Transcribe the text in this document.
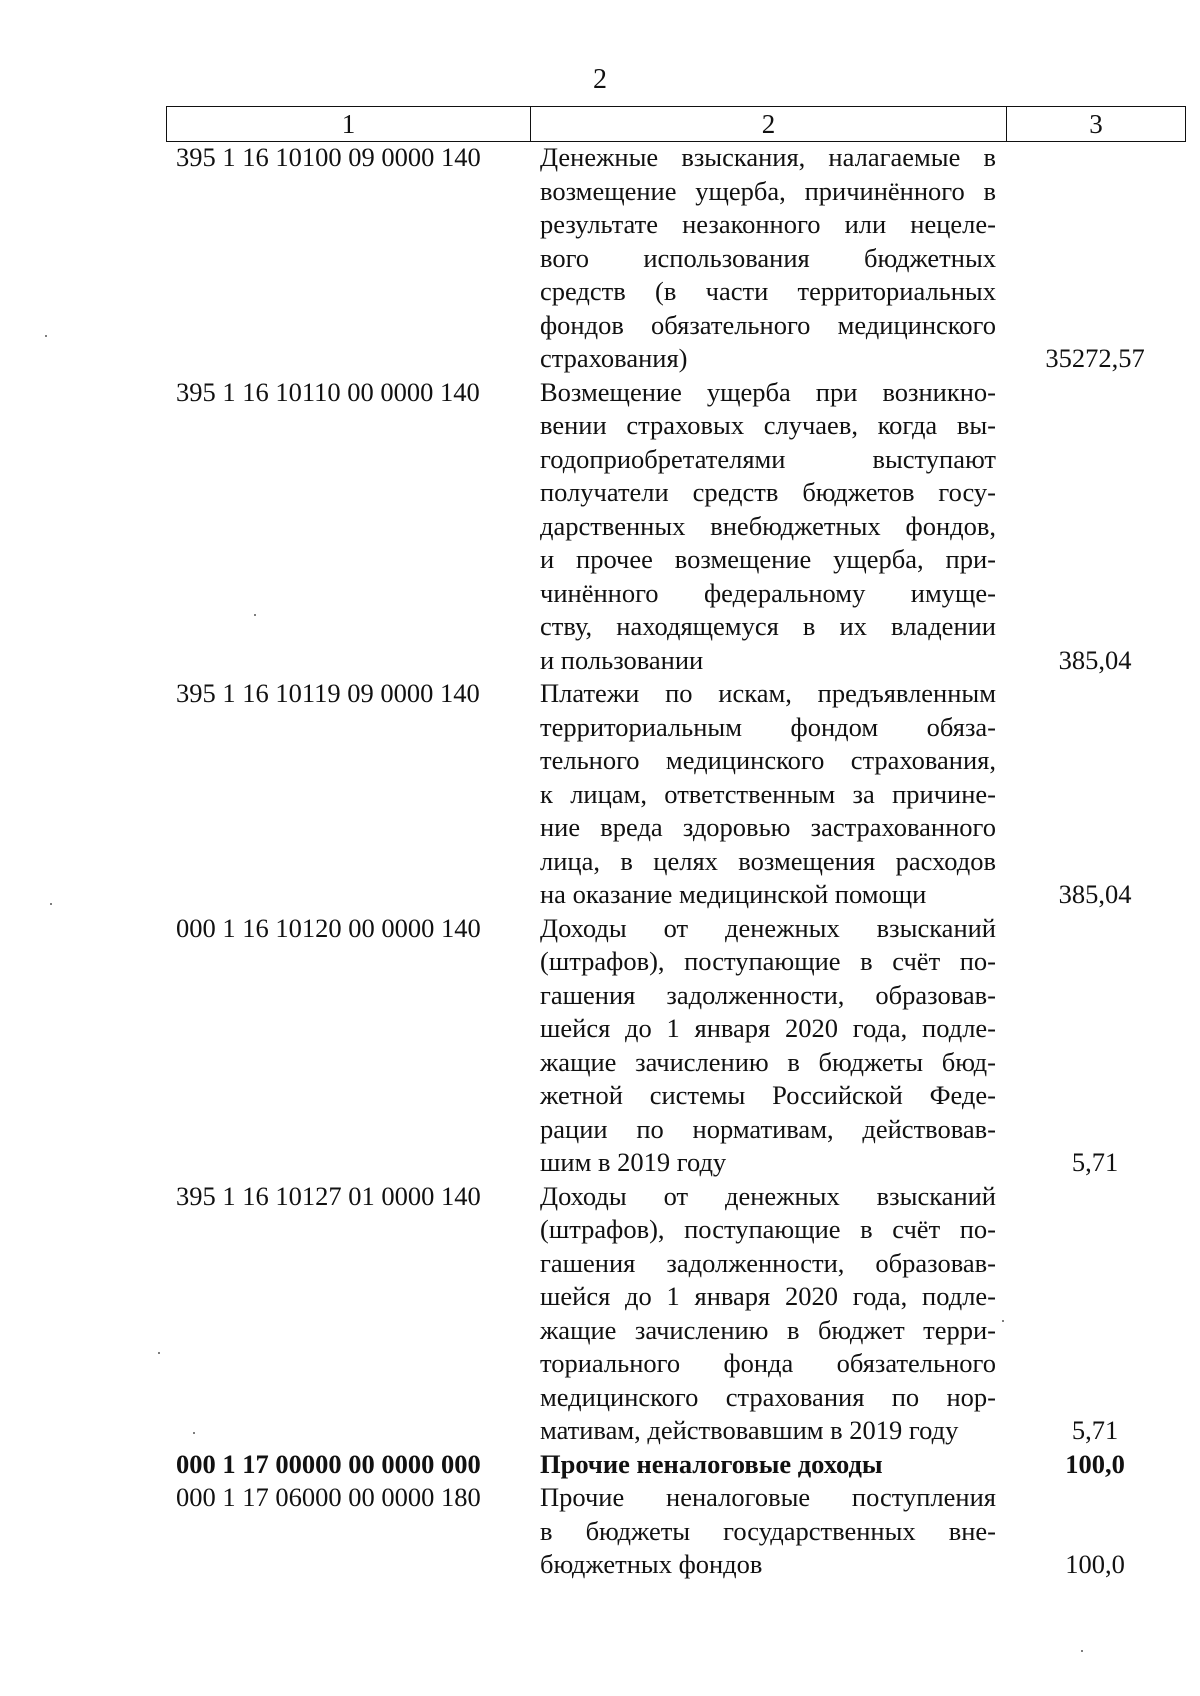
2
1	2	3
395 1 16 10100 09 0000 140	Денежные взыскания, налагаемые в
возмещение ущерба, причинённого в
результате незаконного или нецеле-
вого использования бюджетных
средств (в части территориальных
фондов обязательного медицинского
страхования)	35272,57
395 1 16 10110 00 0000 140	Возмещение ущерба при возникно-
вении страховых случаев, когда вы-
годоприобретателями выступают
получатели средств бюджетов госу-
дарственных внебюджетных фондов,
и прочее возмещение ущерба, при-
чинённого федеральному имуще-
ству, находящемуся в их владении
и пользовании	385,04
395 1 16 10119 09 0000 140	Платежи по искам, предъявленным
территориальным фондом обяза-
тельного медицинского страхования,
к лицам, ответственным за причине-
ние вреда здоровью застрахованного
лица, в целях возмещения расходов
на оказание медицинской помощи	385,04
000 1 16 10120 00 0000 140	Доходы от денежных взысканий
(штрафов), поступающие в счёт по-
гашения задолженности, образовав-
шейся до 1 января 2020 года, подле-
жащие зачислению в бюджеты бюд-
жетной системы Российской Феде-
рации по нормативам, действовав-
шим в 2019 году	5,71
395 1 16 10127 01 0000 140	Доходы от денежных взысканий
(штрафов), поступающие в счёт по-
гашения задолженности, образовав-
шейся до 1 января 2020 года, подле-
жащие зачислению в бюджет терри-
ториального фонда обязательного
медицинского страхования по нор-
мативам, действовавшим в 2019 году	5,71
000 1 17 00000 00 0000 000	Прочие неналоговые доходы	100,0
000 1 17 06000 00 0000 180	Прочие неналоговые поступления
в бюджеты государственных вне-
бюджетных фондов	100,0
